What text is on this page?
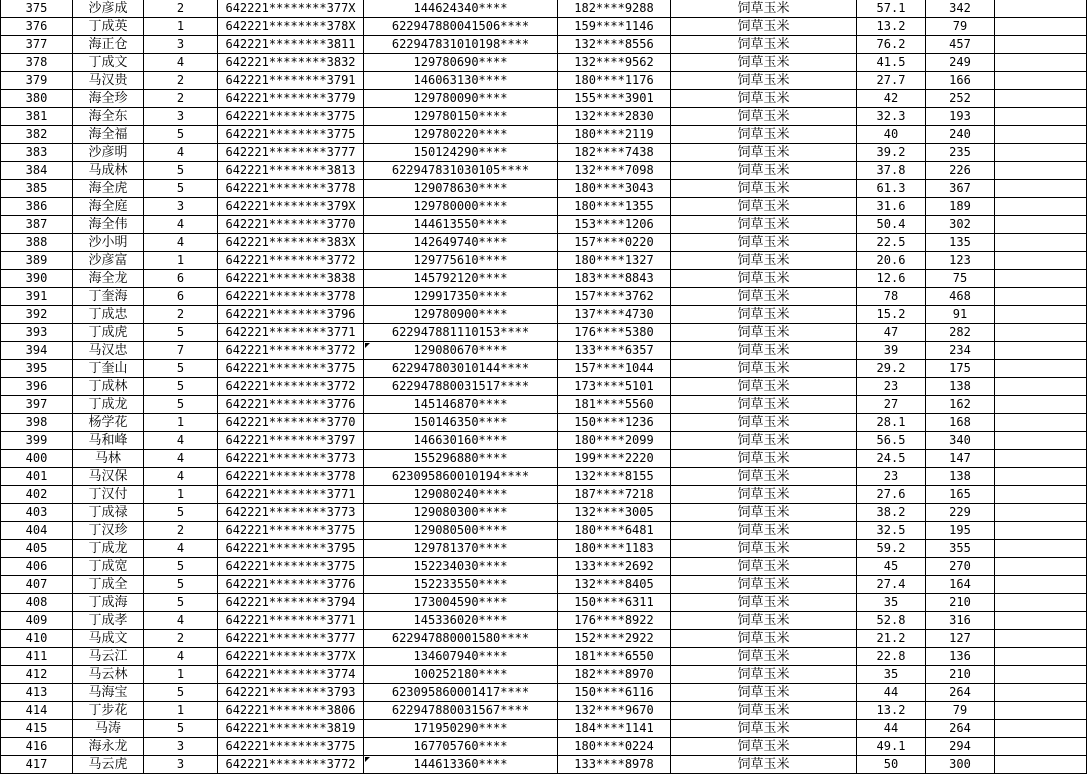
375	沙彦成	2	642221********377X	144624340****	182****9288	饲草玉米	57.1	342	
376	丁成英	1	642221********378X	622947880041506****	159****1146	饲草玉米	13.2	79	
377	海正仓	3	642221********3811	622947831010198****	132****8556	饲草玉米	76.2	457	
378	丁成文	4	642221********3832	129780690****	132****9562	饲草玉米	41.5	249	
379	马汉贵	2	642221********3791	146063130****	180****1176	饲草玉米	27.7	166	
380	海全珍	2	642221********3779	129780090****	155****3901	饲草玉米	42	252	
381	海全东	3	642221********3775	129780150****	132****2830	饲草玉米	32.3	193	
382	海全福	5	642221********3775	129780220****	180****2119	饲草玉米	40	240	
383	沙彦明	4	642221********3777	150124290****	182****7438	饲草玉米	39.2	235	
384	马成林	5	642221********3813	622947831030105****	132****7098	饲草玉米	37.8	226	
385	海全虎	5	642221********3778	129078630****	180****3043	饲草玉米	61.3	367	
386	海全庭	3	642221********379X	129780000****	180****1355	饲草玉米	31.6	189	
387	海全伟	4	642221********3770	144613550****	153****1206	饲草玉米	50.4	302	
388	沙小明	4	642221********383X	142649740****	157****0220	饲草玉米	22.5	135	
389	沙彦富	1	642221********3772	129775610****	180****1327	饲草玉米	20.6	123	
390	海全龙	6	642221********3838	145792120****	183****8843	饲草玉米	12.6	75	
391	丁奎海	6	642221********3778	129917350****	157****3762	饲草玉米	78	468	
392	丁成忠	2	642221********3796	129780900****	137****4730	饲草玉米	15.2	91	
393	丁成虎	5	642221********3771	622947881110153****	176****5380	饲草玉米	47	282	
394	马汉忠	7	642221********3772	129080670****	133****6357	饲草玉米	39	234	
395	丁奎山	5	642221********3775	622947803010144****	157****1044	饲草玉米	29.2	175	
396	丁成林	5	642221********3772	622947880031517****	173****5101	饲草玉米	23	138	
397	丁成龙	5	642221********3776	145146870****	181****5560	饲草玉米	27	162	
398	杨学花	1	642221********3770	150146350****	150****1236	饲草玉米	28.1	168	
399	马和峰	4	642221********3797	146630160****	180****2099	饲草玉米	56.5	340	
400	马林	4	642221********3773	155296880****	199****2220	饲草玉米	24.5	147	
401	马汉保	4	642221********3778	623095860010194****	132****8155	饲草玉米	23	138	
402	丁汉付	1	642221********3771	129080240****	187****7218	饲草玉米	27.6	165	
403	丁成禄	5	642221********3773	129080300****	132****3005	饲草玉米	38.2	229	
404	丁汉珍	2	642221********3775	129080500****	180****6481	饲草玉米	32.5	195	
405	丁成龙	4	642221********3795	129781370****	180****1183	饲草玉米	59.2	355	
406	丁成宽	5	642221********3775	152234030****	133****2692	饲草玉米	45	270	
407	丁成全	5	642221********3776	152233550****	132****8405	饲草玉米	27.4	164	
408	丁成海	5	642221********3794	173004590****	150****6311	饲草玉米	35	210	
409	丁成孝	4	642221********3771	145336020****	176****8922	饲草玉米	52.8	316	
410	马成文	2	642221********3777	622947880001580****	152****2922	饲草玉米	21.2	127	
411	马云江	4	642221********377X	134607940****	181****6550	饲草玉米	22.8	136	
412	马云林	1	642221********3774	100252180****	182****8970	饲草玉米	35	210	
413	马海宝	5	642221********3793	623095860001417****	150****6116	饲草玉米	44	264	
414	丁步花	1	642221********3806	622947880031567****	132****9670	饲草玉米	13.2	79	
415	马涛	5	642221********3819	171950290****	184****1141	饲草玉米	44	264	
416	海永龙	3	642221********3775	167705760****	180****0224	饲草玉米	49.1	294	
417	马云虎	3	642221********3772	144613360****	133****8978	饲草玉米	50	300	
